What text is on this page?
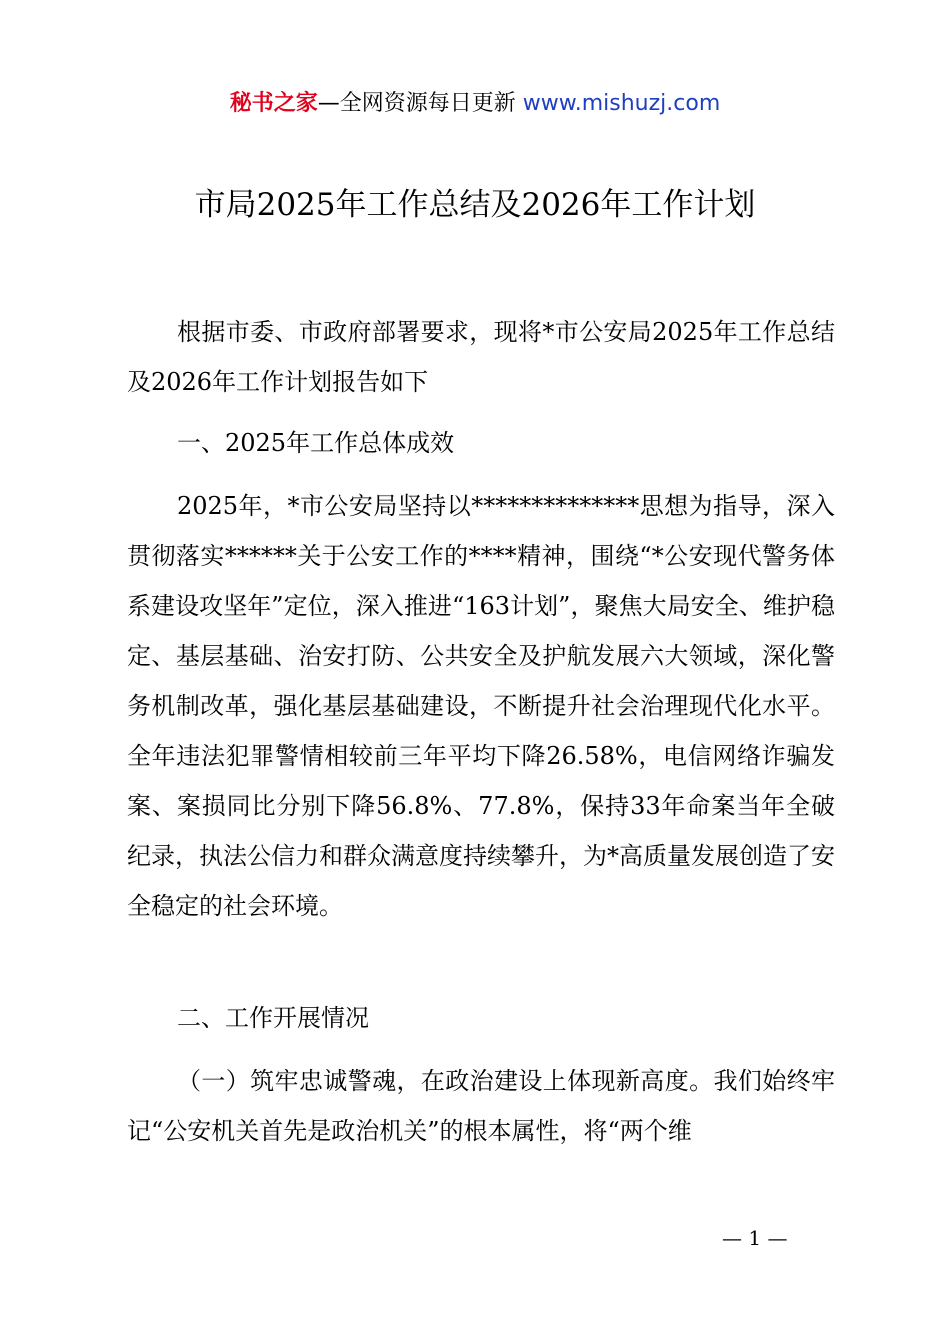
秘书之家—全网资源每日更新 www.mishuzj.com
市局2025年工作总结及2026年工作计划

根据市委、市政府部署要求，现将*市公安局2025年工作总结及2026年工作计划报告如下

一、2025年工作总体成效

2025年，*市公安局坚持以**************思想为指导，深入贯彻落实******关于公安工作的****精神，围绕“*公安现代警务体系建设攻坚年”定位，深入推进“163计划”，聚焦大局安全、维护稳定、基层基础、治安打防、公共安全及护航发展六大领域，深化警务机制改革，强化基层基础建设，不断提升社会治理现代化水平。全年违法犯罪警情相较前三年平均下降26.58%，电信网络诈骗发案、案损同比分别下降56.8%、77.8%，保持33年命案当年全破纪录，执法公信力和群众满意度持续攀升，为*高质量发展创造了安全稳定的社会环境。

二、工作开展情况

（一）筑牢忠诚警魂，在政治建设上体现新高度。我们始终牢记“公安机关首先是政治机关”的根本属性，将“两个维

— 1 —
